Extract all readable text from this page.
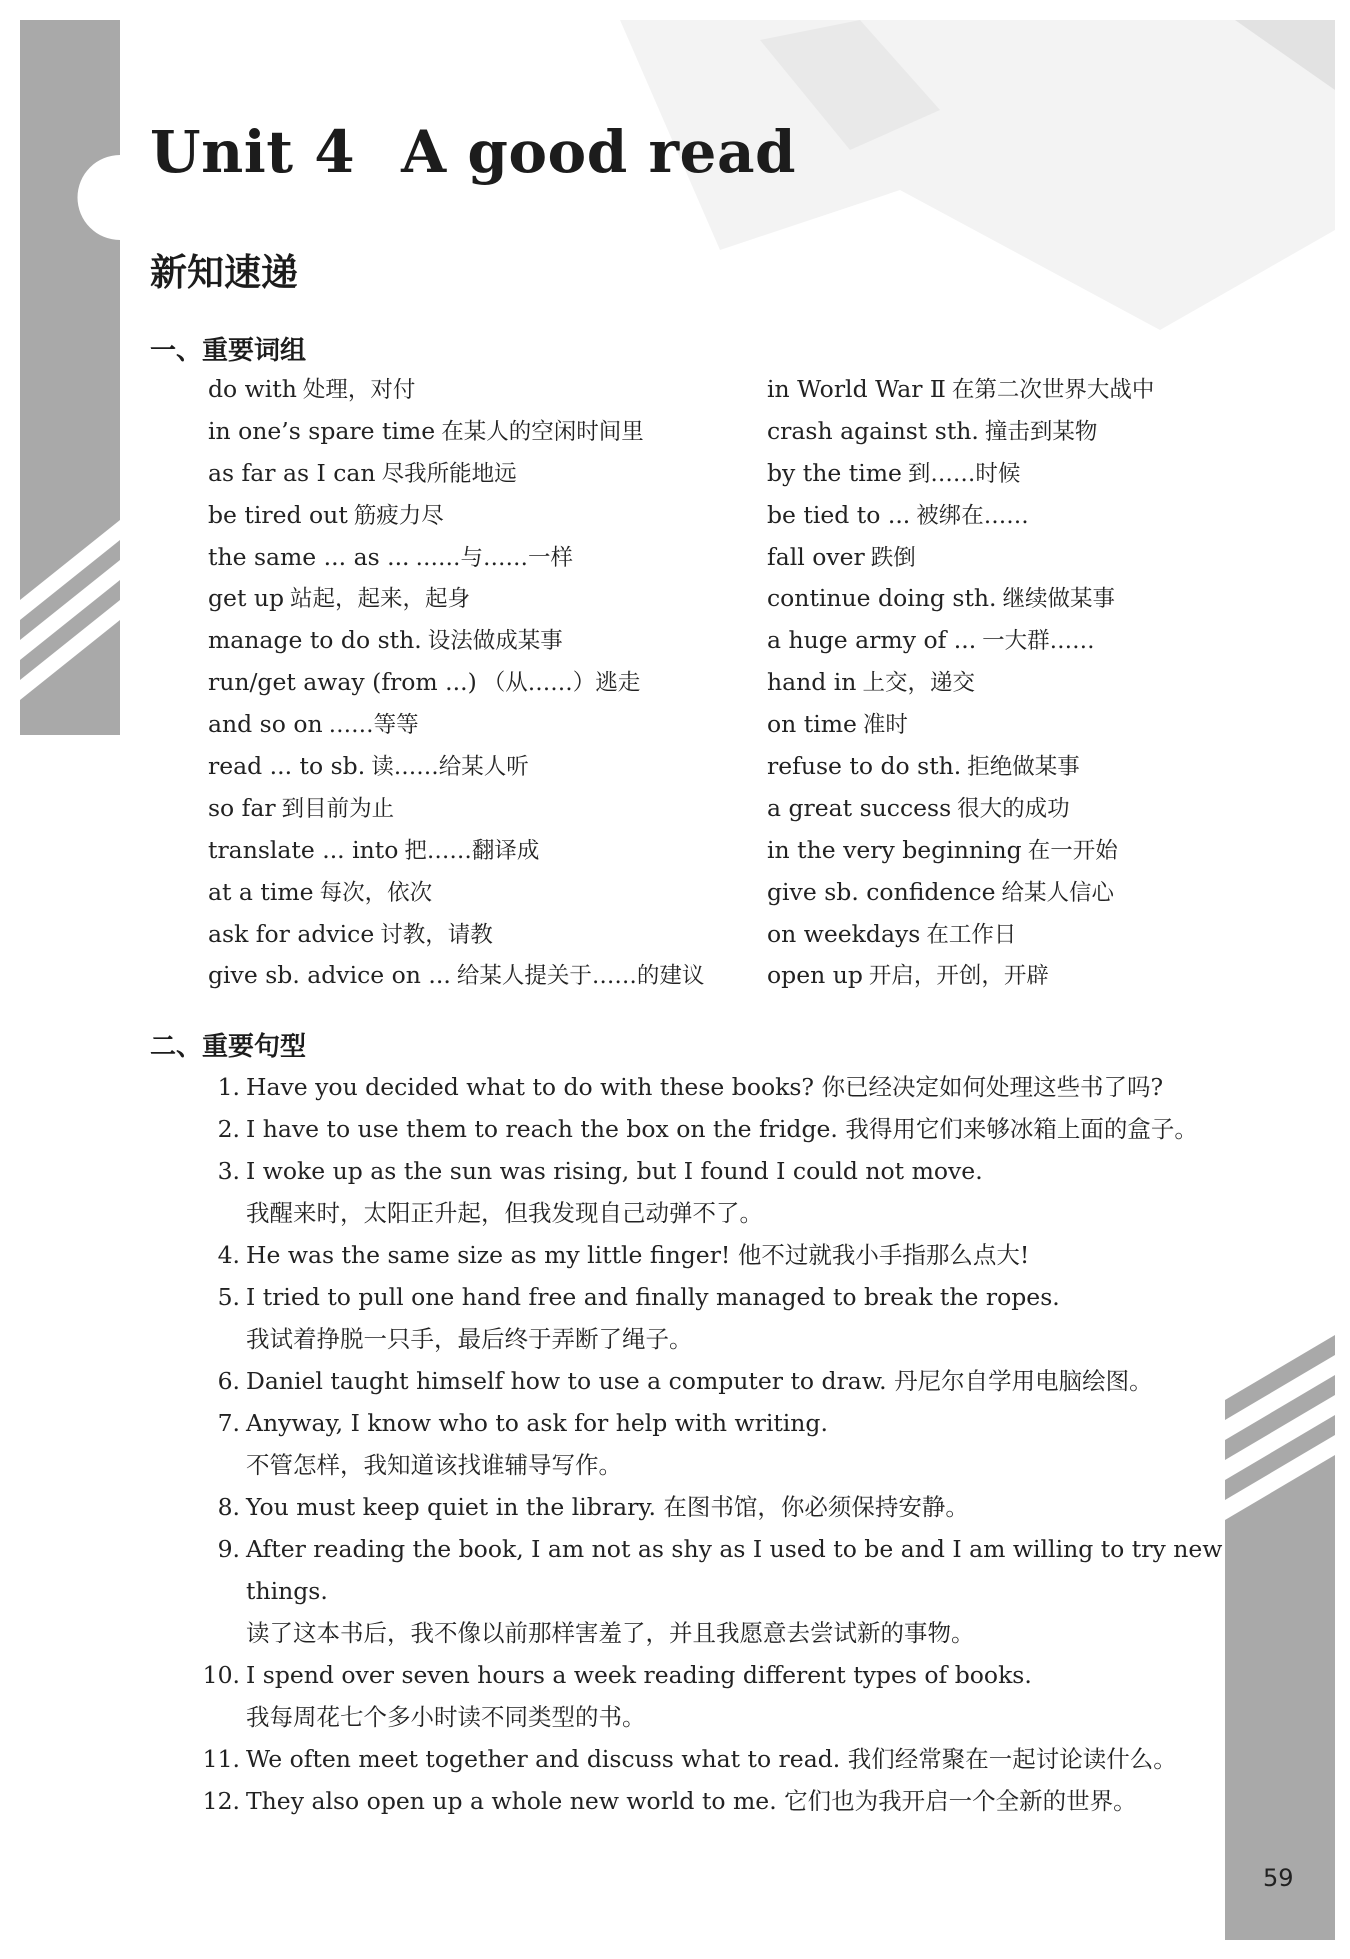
Unit 4 A good read
新知速递
一、重要词组
do with 处理，对付
in one’s spare time 在某人的空闲时间里
as far as I can 尽我所能地远
be tired out 筋疲力尽
the same ... as ... ……与……一样
get up 站起，起来，起身
manage to do sth. 设法做成某事
run/get away (from ...) （从……）逃走
and so on ……等等
read ... to sb. 读……给某人听
so far 到目前为止
translate ... into 把……翻译成
at a time 每次，依次
ask for advice 讨教，请教
give sb. advice on ... 给某人提关于……的建议
in World War Ⅱ 在第二次世界大战中
crash against sth. 撞击到某物
by the time 到……时候
be tied to ... 被绑在……
fall over 跌倒
continue doing sth. 继续做某事
a huge army of ... 一大群……
hand in 上交，递交
on time 准时
refuse to do sth. 拒绝做某事
a great success 很大的成功
in the very beginning 在一开始
give sb. confidence 给某人信心
on weekdays 在工作日
open up 开启，开创，开辟
二、重要句型
1. Have you decided what to do with these books? 你已经决定如何处理这些书了吗?
2. I have to use them to reach the box on the fridge. 我得用它们来够冰箱上面的盒子。
3. I woke up as the sun was rising, but I found I could not move.
我醒来时，太阳正升起，但我发现自己动弹不了。
4. He was the same size as my little finger! 他不过就我小手指那么点大!
5. I tried to pull one hand free and finally managed to break the ropes.
我试着挣脱一只手，最后终于弄断了绳子。
6. Daniel taught himself how to use a computer to draw. 丹尼尔自学用电脑绘图。
7. Anyway, I know who to ask for help with writing.
不管怎样，我知道该找谁辅导写作。
8. You must keep quiet in the library. 在图书馆，你必须保持安静。
9. After reading the book, I am not as shy as I used to be and I am willing to try new
things.
读了这本书后，我不像以前那样害羞了，并且我愿意去尝试新的事物。
10. I spend over seven hours a week reading different types of books.
我每周花七个多小时读不同类型的书。
11. We often meet together and discuss what to read. 我们经常聚在一起讨论读什么。
12. They also open up a whole new world to me. 它们也为我开启一个全新的世界。
59
